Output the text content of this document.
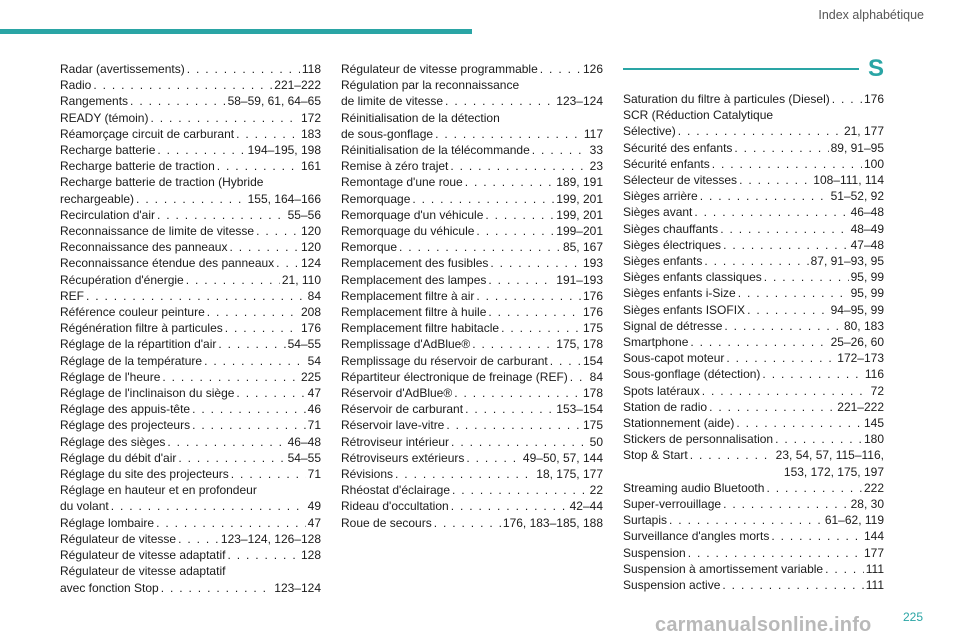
Index alphabétique
Radar (avertissements) . . .	118
Radio . . .	221–222
Rangements . . .	58–59, 61, 64–65
READY (témoin) . . .	172
Réamorçage circuit de carburant . . .	183
Recharge batterie . . .	194–195, 198
Recharge batterie de traction . . .	161
Recharge batterie de traction (Hybride
rechargeable) . . .	155, 164–166
Recirculation d'air . . .	55–56
Reconnaissance de limite de vitesse . . .	120
Reconnaissance des panneaux . . .	120
Reconnaissance étendue des panneaux . . . 124
Récupération d'énergie . . .	21, 110
REF . . .	84
Référence couleur peinture . . .	208
Régénération filtre à particules . . .	176
Réglage de la répartition d'air . . .	54–55
Réglage de la température . . .	54
Réglage de l'heure . . .	225
Réglage de l'inclinaison du siège . . .	47
Réglage des appuis-tête . . .	46
Réglage des projecteurs . . .	71
Réglage des sièges . . .	46–48
Réglage du débit d'air . . .	54–55
Réglage du site des projecteurs . . .	71
Réglage en hauteur et en profondeur
du volant . . .	49
Réglage lombaire . . .	47
Régulateur de vitesse . . .	123–124, 126–128
Régulateur de vitesse adaptatif . . .	128
Régulateur de vitesse adaptatif
avec fonction Stop . . .	123–124
Régulateur de vitesse programmable . . .	126
Régulation par la reconnaissance
de limite de vitesse . . .	123–124
Réinitialisation de la détection
de sous-gonflage . . .	117
Réinitialisation de la télécommande . . .	33
Remise à zéro trajet . . .	23
Remontage d'une roue . . .	189, 191
Remorquage . . .	199, 201
Remorquage d'un véhicule . . .	199, 201
Remorquage du véhicule . . .	199–201
Remorque . . .	85, 167
Remplacement des fusibles . . .	193
Remplacement des lampes . . .	191–193
Remplacement filtre à air . . .	176
Remplacement filtre à huile . . .	176
Remplacement filtre habitacle . . .	175
Remplissage d'AdBlue® . . .	175, 178
Remplissage du réservoir de carburant . . .	154
Répartiteur électronique de freinage (REF) . . . 84
Réservoir d'AdBlue® . . .	178
Réservoir de carburant . . .	153–154
Réservoir lave-vitre . . .	175
Rétroviseur intérieur . . .	50
Rétroviseurs extérieurs . . .	49–50, 57, 144
Révisions . . .	18, 175, 177
Rhéostat d'éclairage . . .	22
Rideau d'occultation . . .	42–44
Roue de secours . . .	176, 183–185, 188
S
Saturation du filtre à particules (Diesel) . . .	176
SCR (Réduction Catalytique
Sélective) . . .	21, 177
Sécurité des enfants . . .	89, 91–95
Sécurité enfants . . .	100
Sélecteur de vitesses . . .	108–111, 114
Sièges arrière . . .	51–52, 92
Sièges avant . . .	46–48
Sièges chauffants . . .	48–49
Sièges électriques . . .	47–48
Sièges enfants . . .	87, 91–93, 95
Sièges enfants classiques . . .	95, 99
Sièges enfants i-Size . . .	95, 99
Sièges enfants ISOFIX . . .	94–95, 99
Signal de détresse . . .	80, 183
Smartphone . . .	25–26, 60
Sous-capot moteur . . .	172–173
Sous-gonflage (détection) . . .	116
Spots latéraux . . .	72
Station de radio . . .	221–222
Stationnement (aide) . . .	145
Stickers de personnalisation . . .	180
Stop & Start . . .	23, 54, 57, 115–116,
153, 172, 175, 197
Streaming audio Bluetooth . . .	222
Super-verrouillage . . .	28, 30
Surtapis . . .	61–62, 119
Surveillance d'angles morts . . .	144
Suspension . . .	177
Suspension à amortissement variable . . .	111
Suspension active . . .	111
carmanualsonline.info	225
